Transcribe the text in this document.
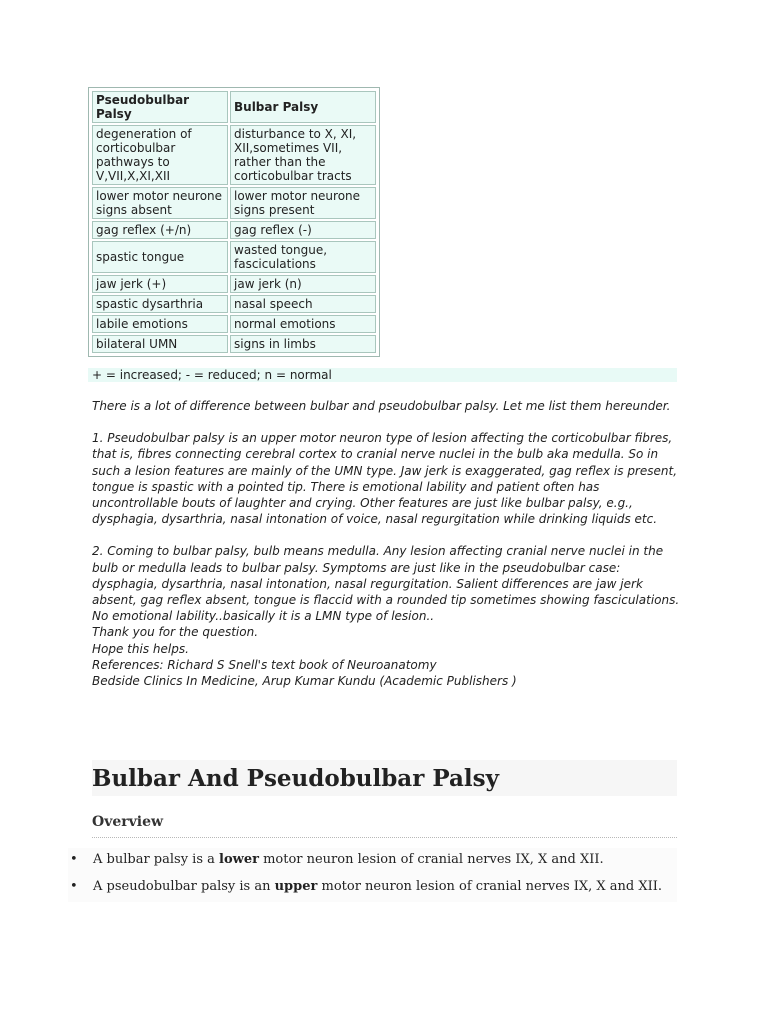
Pseudobulbar Palsy	Bulbar Palsy
degeneration of corticobulbar pathways to V,VII,X,XI,XII	disturbance to X, XI, XII,sometimes VII, rather than the corticobulbar tracts
lower motor neurone signs absent	lower motor neurone signs present
gag reflex (+/n)	gag reflex (-)
spastic tongue	wasted tongue, fasciculations
jaw jerk (+)	jaw jerk (n)
spastic dysarthria	nasal speech
labile emotions	normal emotions
bilateral UMN	signs in limbs
+ = increased; - = reduced; n = normal

There is a lot of difference between bulbar and pseudobulbar palsy. Let me list them hereunder.

1. Pseudobulbar palsy is an upper motor neuron type of lesion affecting the corticobulbar fibres, that is, fibres connecting cerebral cortex to cranial nerve nuclei in the bulb aka medulla. So in such a lesion features are mainly of the UMN type. Jaw jerk is exaggerated, gag reflex is present, tongue is spastic with a pointed tip. There is emotional lability and patient often has uncontrollable bouts of laughter and crying. Other features are just like bulbar palsy, e.g., dysphagia, dysarthria, nasal intonation of voice, nasal regurgitation while drinking liquids etc.

2. Coming to bulbar palsy, bulb means medulla. Any lesion affecting cranial nerve nuclei in the bulb or medulla leads to bulbar palsy. Symptoms are just like in the pseudobulbar case: dysphagia, dysarthria, nasal intonation, nasal regurgitation. Salient differences are jaw jerk absent, gag reflex absent, tongue is flaccid with a rounded tip sometimes showing fasciculations. No emotional lability..basically it is a LMN type of lesion..

Thank you for the question.

Hope this helps.

References: Richard S Snell's text book of Neuroanatomy

Bedside Clinics In Medicine, Arup Kumar Kundu (Academic Publishers )

Bulbar And Pseudobulbar Palsy
Overview
• A bulbar palsy is a lower motor neuron lesion of cranial nerves IX, X and XII.
• A pseudobulbar palsy is an upper motor neuron lesion of cranial nerves IX, X and XII.
